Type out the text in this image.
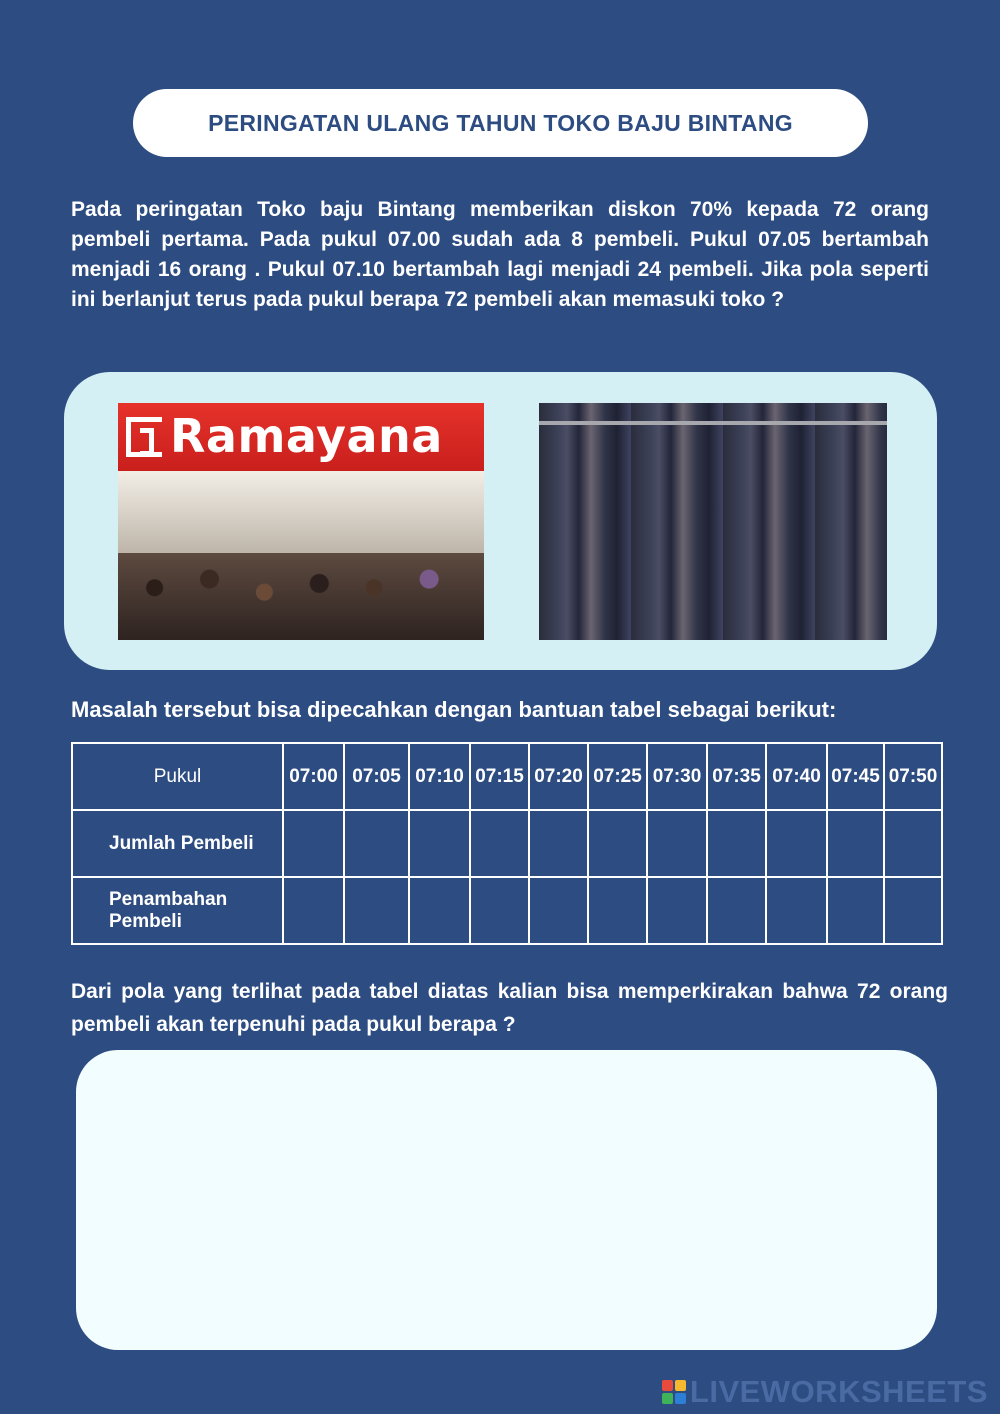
PERINGATAN ULANG TAHUN TOKO BAJU BINTANG
Pada peringatan Toko baju Bintang memberikan diskon 70% kepada 72 orang pembeli pertama. Pada pukul 07.00 sudah ada 8 pembeli. Pukul 07.05 bertambah menjadi 16 orang . Pukul 07.10 bertambah lagi menjadi 24 pembeli. Jika pola seperti ini berlanjut terus pada pukul berapa 72 pembeli akan memasuki toko ?
Ramayana
Masalah tersebut bisa dipecahkan dengan bantuan tabel sebagai berikut:
Pukul	07:00	07:05	07:10	07:15	07:20	07:25	07:30	07:35	07:40	07:45	07:50
Jumlah Pembeli											
Penambahan Pembeli											
Dari pola yang terlihat pada tabel diatas kalian bisa memperkirakan bahwa 72 orang pembeli akan terpenuhi pada pukul berapa ?
LIVEWORKSHEETS
